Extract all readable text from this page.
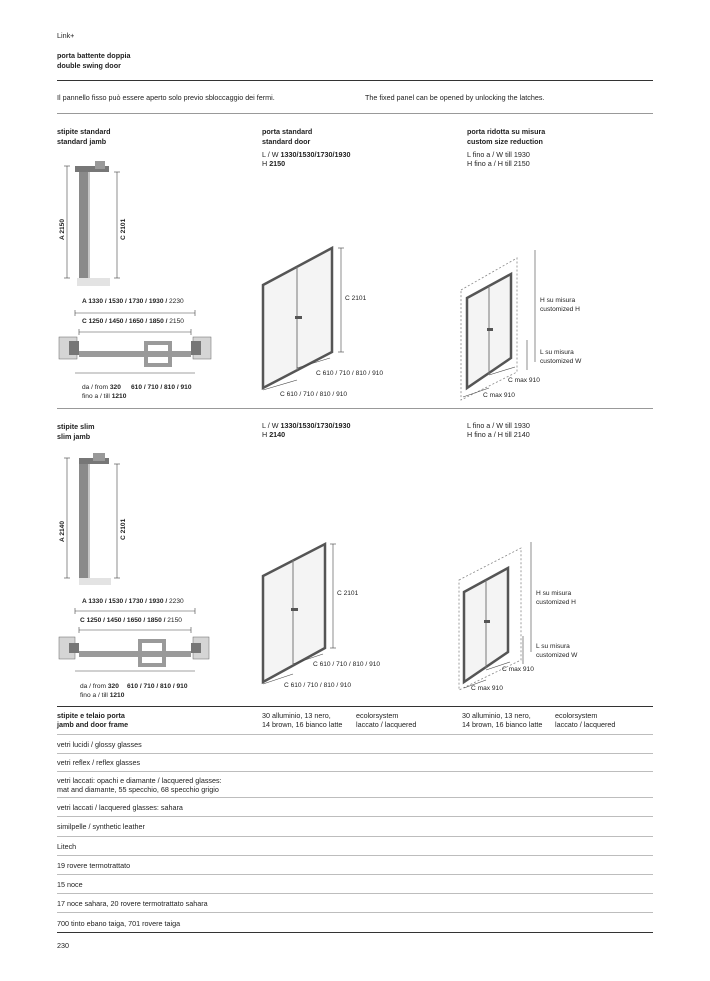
Link+
porta battente doppia
double swing door
Il pannello fisso può essere aperto solo previo sbloccaggio dei fermi.	The fixed panel can be opened by unlocking the latches.
stipite standard
standard jamb
porta standard
standard door
L / W 1330/1530/1730/1930
H 2150
porta ridotta su misura
custom size reduction
L fino a / W till 1930
H fino a / H till 2150
A 2150	C 2101
A 1330 / 1530 / 1730 / 1930 / 2230
C 1250 / 1450 / 1650 / 1850 / 2150
da / from 320 610 / 710 / 810 / 910
fino a / till 1210
C 2101
C 610 / 710 / 810 / 910
C 610 / 710 / 810 / 910
H su misura
customized H
L su misura
customized W
C max 910
C max 910
stipite slim
slim jamb
L / W 1330/1530/1730/1930
H 2140
L fino a / W till 1930
H fino a / H till 2140
A 2140	C 2101
A 1330 / 1530 / 1730 / 1930 / 2230
C 1250 / 1450 / 1650 / 1850 / 2150
da / from 320 610 / 710 / 810 / 910
fino a / till 1210
C 2101
C 610 / 710 / 810 / 910
C 610 / 710 / 810 / 910
H su misura
customized H
L su misura
customized W
C max 910
C max 910
stipite e telaio porta
jamb and door frame
30 alluminio, 13 nero,
14 brown, 16 bianco latte
ecolorsystem
laccato / lacquered
30 alluminio, 13 nero,
14 brown, 16 bianco latte
ecolorsystem
laccato / lacquered
vetri lucidi / glossy glasses
vetri reflex / reflex glasses
vetri laccati: opachi e diamante / lacquered glasses:
mat and diamante, 55 specchio, 68 specchio grigio
vetri laccati / lacquered glasses: sahara
similpelle / synthetic leather
Litech
19 rovere termotrattato
15 noce
17 noce sahara, 20 rovere termotrattato sahara
700 tinto ebano taiga, 701 rovere taiga
230
